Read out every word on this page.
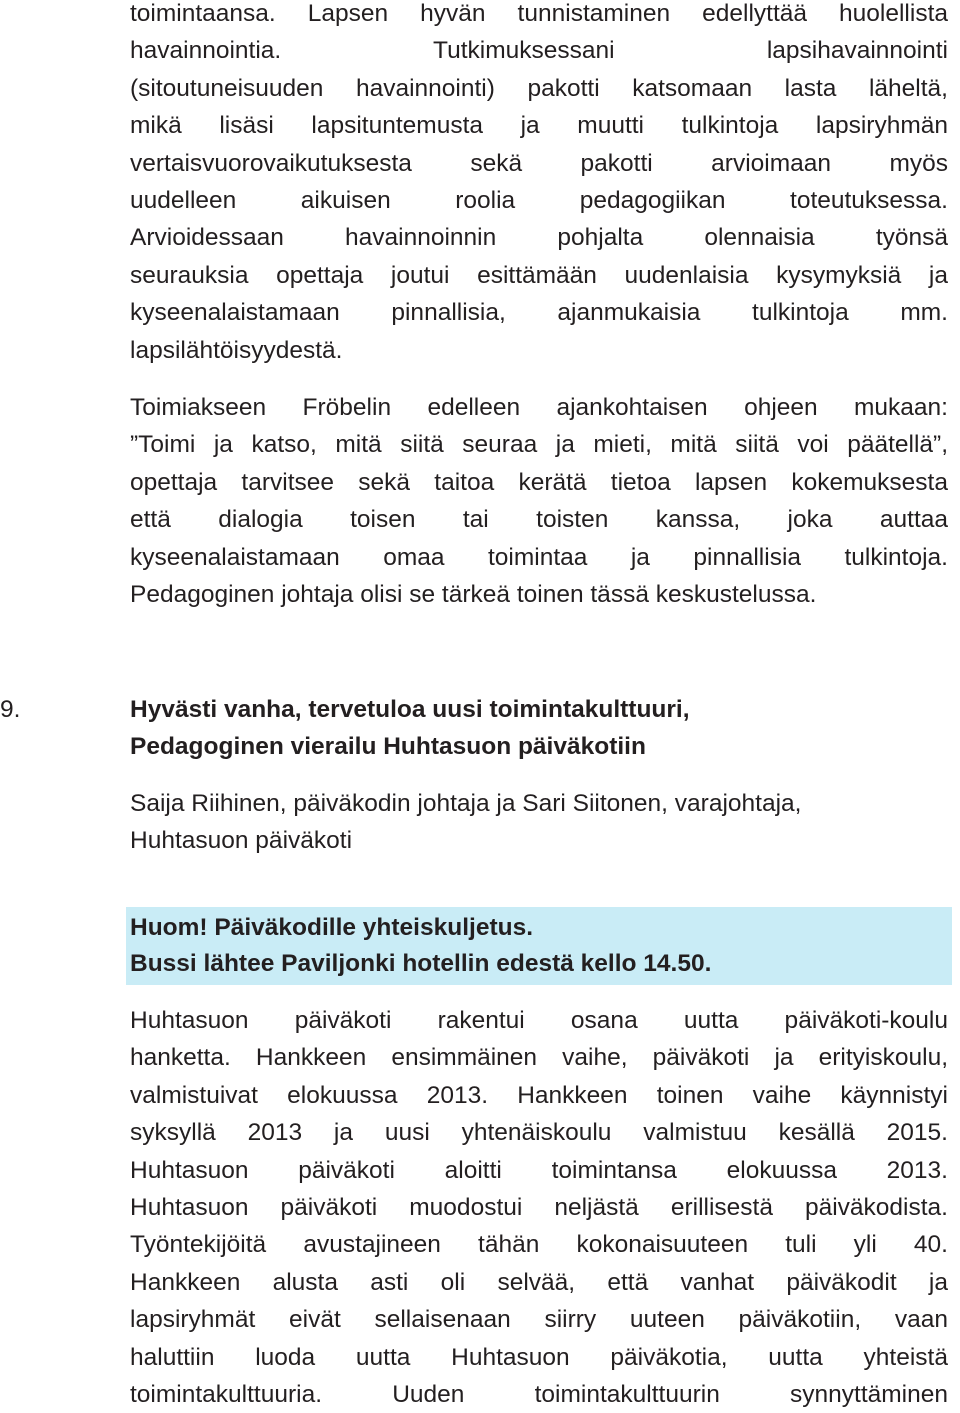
toimintaansa. Lapsen hyvän tunnistaminen edellyttää huolellista
havainnointia. Tutkimuksessani lapsihavainnointi
(sitoutuneisuuden havainnointi) pakotti katsomaan lasta läheltä,
mikä lisäsi lapsituntemusta ja muutti tulkintoja lapsiryhmän
vertaisvuorovaikutuksesta sekä pakotti arvioimaan myös
uudelleen aikuisen roolia pedagogiikan toteutuksessa.
Arvioidessaan havainnoinnin pohjalta olennaisia työnsä
seurauksia opettaja joutui esittämään uudenlaisia kysymyksiä ja
kyseenalaistamaan pinnallisia, ajanmukaisia tulkintoja mm.
lapsilähtöisyydestä.
Toimiakseen Fröbelin edelleen ajankohtaisen ohjeen mukaan:
”Toimi ja katso, mitä siitä seuraa ja mieti, mitä siitä voi päätellä”,
opettaja tarvitsee sekä taitoa kerätä tietoa lapsen kokemuksesta
että dialogia toisen tai toisten kanssa, joka auttaa
kyseenalaistamaan omaa toimintaa ja pinnallisia tulkintoja.
Pedagoginen johtaja olisi se tärkeä toinen tässä keskustelussa.

9.	Hyvästi vanha, tervetuloa uusi toimintakulttuuri,
Pedagoginen vierailu Huhtasuon päiväkotiin
Saija Riihinen, päiväkodin johtaja ja Sari Siitonen, varajohtaja,
Huhtasuon päiväkoti

Huom! Päiväkodille yhteiskuljetus.

Bussi lähtee Paviljonki hotellin edestä kello 14.50.

Huhtasuon päiväkoti rakentui osana uutta päiväkoti-koulu
hanketta. Hankkeen ensimmäinen vaihe, päiväkoti ja erityiskoulu,
valmistuivat elokuussa 2013. Hankkeen toinen vaihe käynnistyi
syksyllä 2013 ja uusi yhtenäiskoulu valmistuu kesällä 2015.
Huhtasuon päiväkoti aloitti toimintansa elokuussa 2013.
Huhtasuon päiväkoti muodostui neljästä erillisestä päiväkodista.
Työntekijöitä avustajineen tähän kokonaisuuteen tuli yli 40.
Hankkeen alusta asti oli selvää, että vanhat päiväkodit ja
lapsiryhmät eivät sellaisenaan siirry uuteen päiväkotiin, vaan
haluttiin luoda uutta Huhtasuon päiväkotia, uutta yhteistä
toimintakulttuuria. Uuden toimintakulttuurin synnyttäminen
